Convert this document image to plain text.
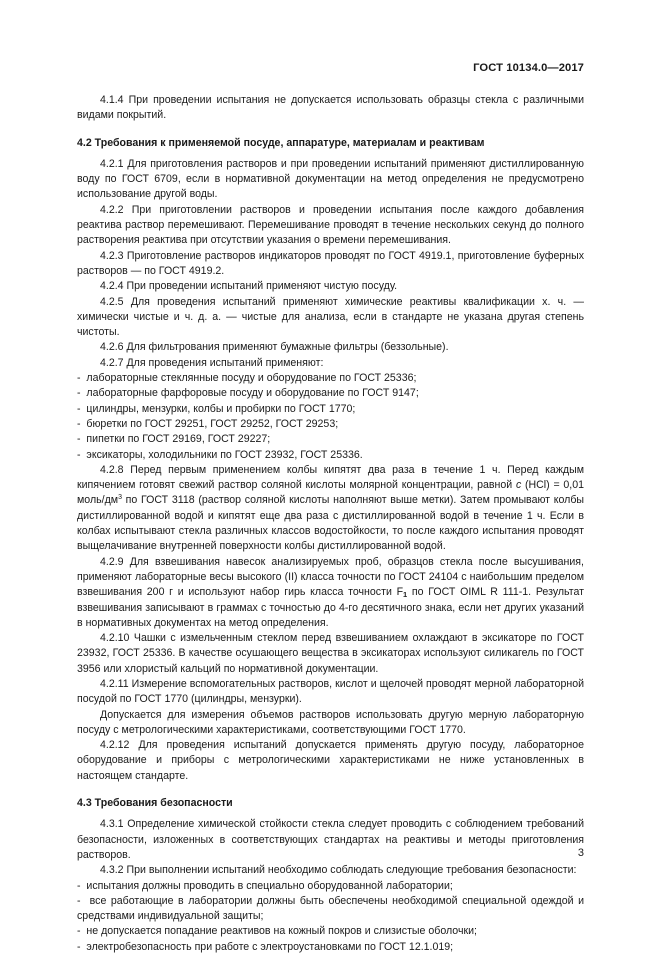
ГОСТ 10134.0—2017

4.1.4 При проведении испытания не допускается использовать образцы стекла с различными видами покрытий.

4.2 Требования к применяемой посуде, аппаратуре, материалам и реактивам

4.2.1 Для приготовления растворов и при проведении испытаний применяют дистиллированную воду по ГОСТ 6709, если в нормативной документации на метод определения не предусмотрено использование другой воды.

4.2.2 При приготовлении растворов и проведении испытания после каждого добавления реактива раствор перемешивают. Перемешивание проводят в течение нескольких секунд до полного растворения реактива при отсутствии указания о времени перемешивания.

4.2.3 Приготовление растворов индикаторов проводят по ГОСТ 4919.1, приготовление буферных растворов — по ГОСТ 4919.2.

4.2.4 При проведении испытаний применяют чистую посуду.

4.2.5 Для проведения испытаний применяют химические реактивы квалификации х. ч. — химически чистые и ч. д. а. — чистые для анализа, если в стандарте не указана другая степень чистоты.

4.2.6 Для фильтрования применяют бумажные фильтры (беззольные).

4.2.7 Для проведения испытаний применяют:

-  лабораторные стеклянные посуду и оборудование по ГОСТ 25336;

-  лабораторные фарфоровые посуду и оборудование по ГОСТ 9147;

-  цилиндры, мензурки, колбы и пробирки по ГОСТ 1770;

-  бюретки по ГОСТ 29251, ГОСТ 29252, ГОСТ 29253;

-  пипетки по ГОСТ 29169, ГОСТ 29227;

-  эксикаторы, холодильники по ГОСТ 23932, ГОСТ 25336.

4.2.8 Перед первым применением колбы кипятят два раза в течение 1 ч. Перед каждым кипячением готовят свежий раствор соляной кислоты молярной концентрации, равной c (HCl) = 0,01 моль/$дм^3$ по ГОСТ 3118 (раствор соляной кислоты наполняют выше метки). Затем промывают колбы дистиллированной водой и кипятят еще два раза с дистиллированной водой в течение 1 ч. Если в колбах испытывают стекла различных классов водостойкости, то после каждого испытания проводят выщелачивание внутренней поверхности колбы дистиллированной водой.

4.2.9 Для взвешивания навесок анализируемых проб, образцов стекла после высушивания, применяют лабораторные весы высокого (II) класса точности по ГОСТ 24104 с наибольшим пределом взвешивания 200 г и используют набор гирь класса точности $F_1$ по ГОСТ OIML R 111-1. Результат взвешивания записывают в граммах с точностью до 4-го десятичного знака, если нет других указаний в нормативных документах на метод определения.

4.2.10 Чашки с измельченным стеклом перед взвешиванием охлаждают в эксикаторе по ГОСТ 23932, ГОСТ 25336. В качестве осушающего вещества в эксикаторах используют силикагель по ГОСТ 3956 или хлористый кальций по нормативной документации.

4.2.11 Измерение вспомогательных растворов, кислот и щелочей проводят мерной лабораторной посудой по ГОСТ 1770 (цилиндры, мензурки).

Допускается для измерения объемов растворов использовать другую мерную лабораторную посуду с метрологическими характеристиками, соответствующими ГОСТ 1770.

4.2.12 Для проведения испытаний допускается применять другую посуду, лабораторное оборудование и приборы с метрологическими характеристиками не ниже установленных в настоящем стандарте.

4.3 Требования безопасности

4.3.1 Определение химической стойкости стекла следует проводить с соблюдением требований безопасности, изложенных в соответствующих стандартах на реактивы и методы приготовления растворов.

4.3.2 При выполнении испытаний необходимо соблюдать следующие требования безопасности:

-  испытания должны проводить в специально оборудованной лаборатории;

-  все работающие в лаборатории должны быть обеспечены необходимой специальной одеждой и средствами индивидуальной защиты;

-  не допускается попадание реактивов на кожный покров и слизистые оболочки;

-  электробезопасность при работе с электроустановками по ГОСТ 12.1.019;

3
